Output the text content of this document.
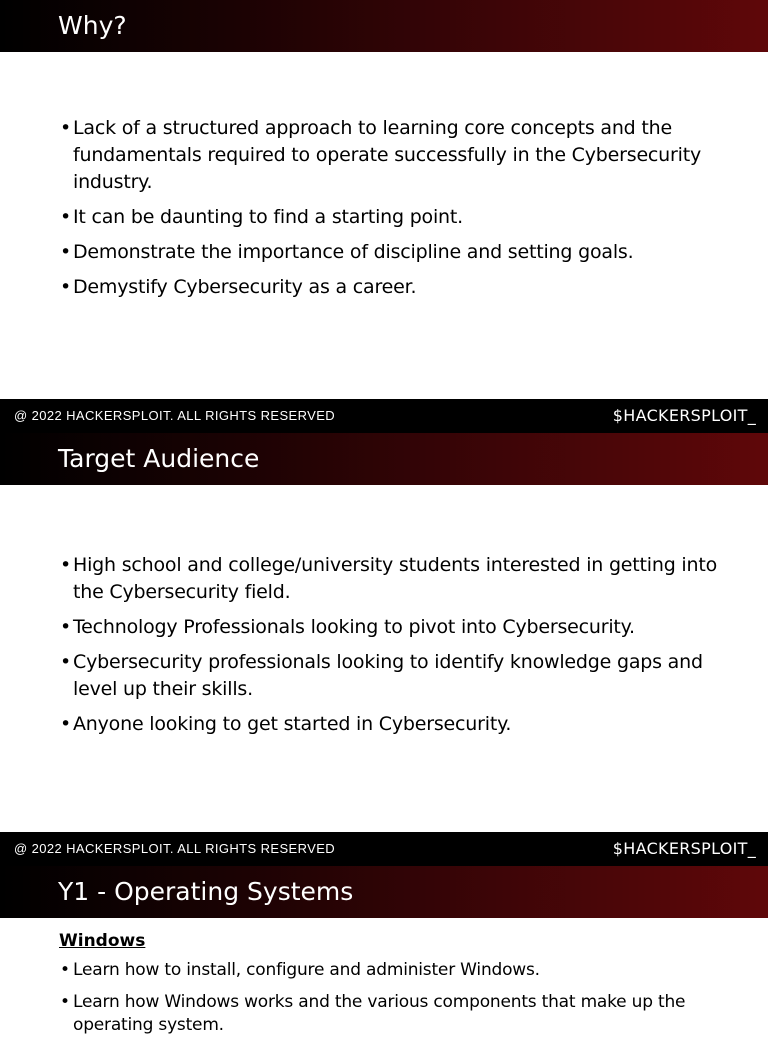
Why?
• Lack of a structured approach to learning core concepts and the fundamentals required to operate successfully in the Cybersecurity industry.
• It can be daunting to find a starting point.
• Demonstrate the importance of discipline and setting goals.
• Demystify Cybersecurity as a career.
@ 2022 HACKERSPLOIT. ALL RIGHTS RESERVED	$HACKERSPLOIT_
Target Audience
• High school and college/university students interested in getting into the Cybersecurity field.
• Technology Professionals looking to pivot into Cybersecurity.
• Cybersecurity professionals looking to identify knowledge gaps and level up their skills.
• Anyone looking to get started in Cybersecurity.
@ 2022 HACKERSPLOIT. ALL RIGHTS RESERVED	$HACKERSPLOIT_
Y1 - Operating Systems
Windows
• Learn how to install, configure and administer Windows.
• Learn how Windows works and the various components that make up the operating system.
